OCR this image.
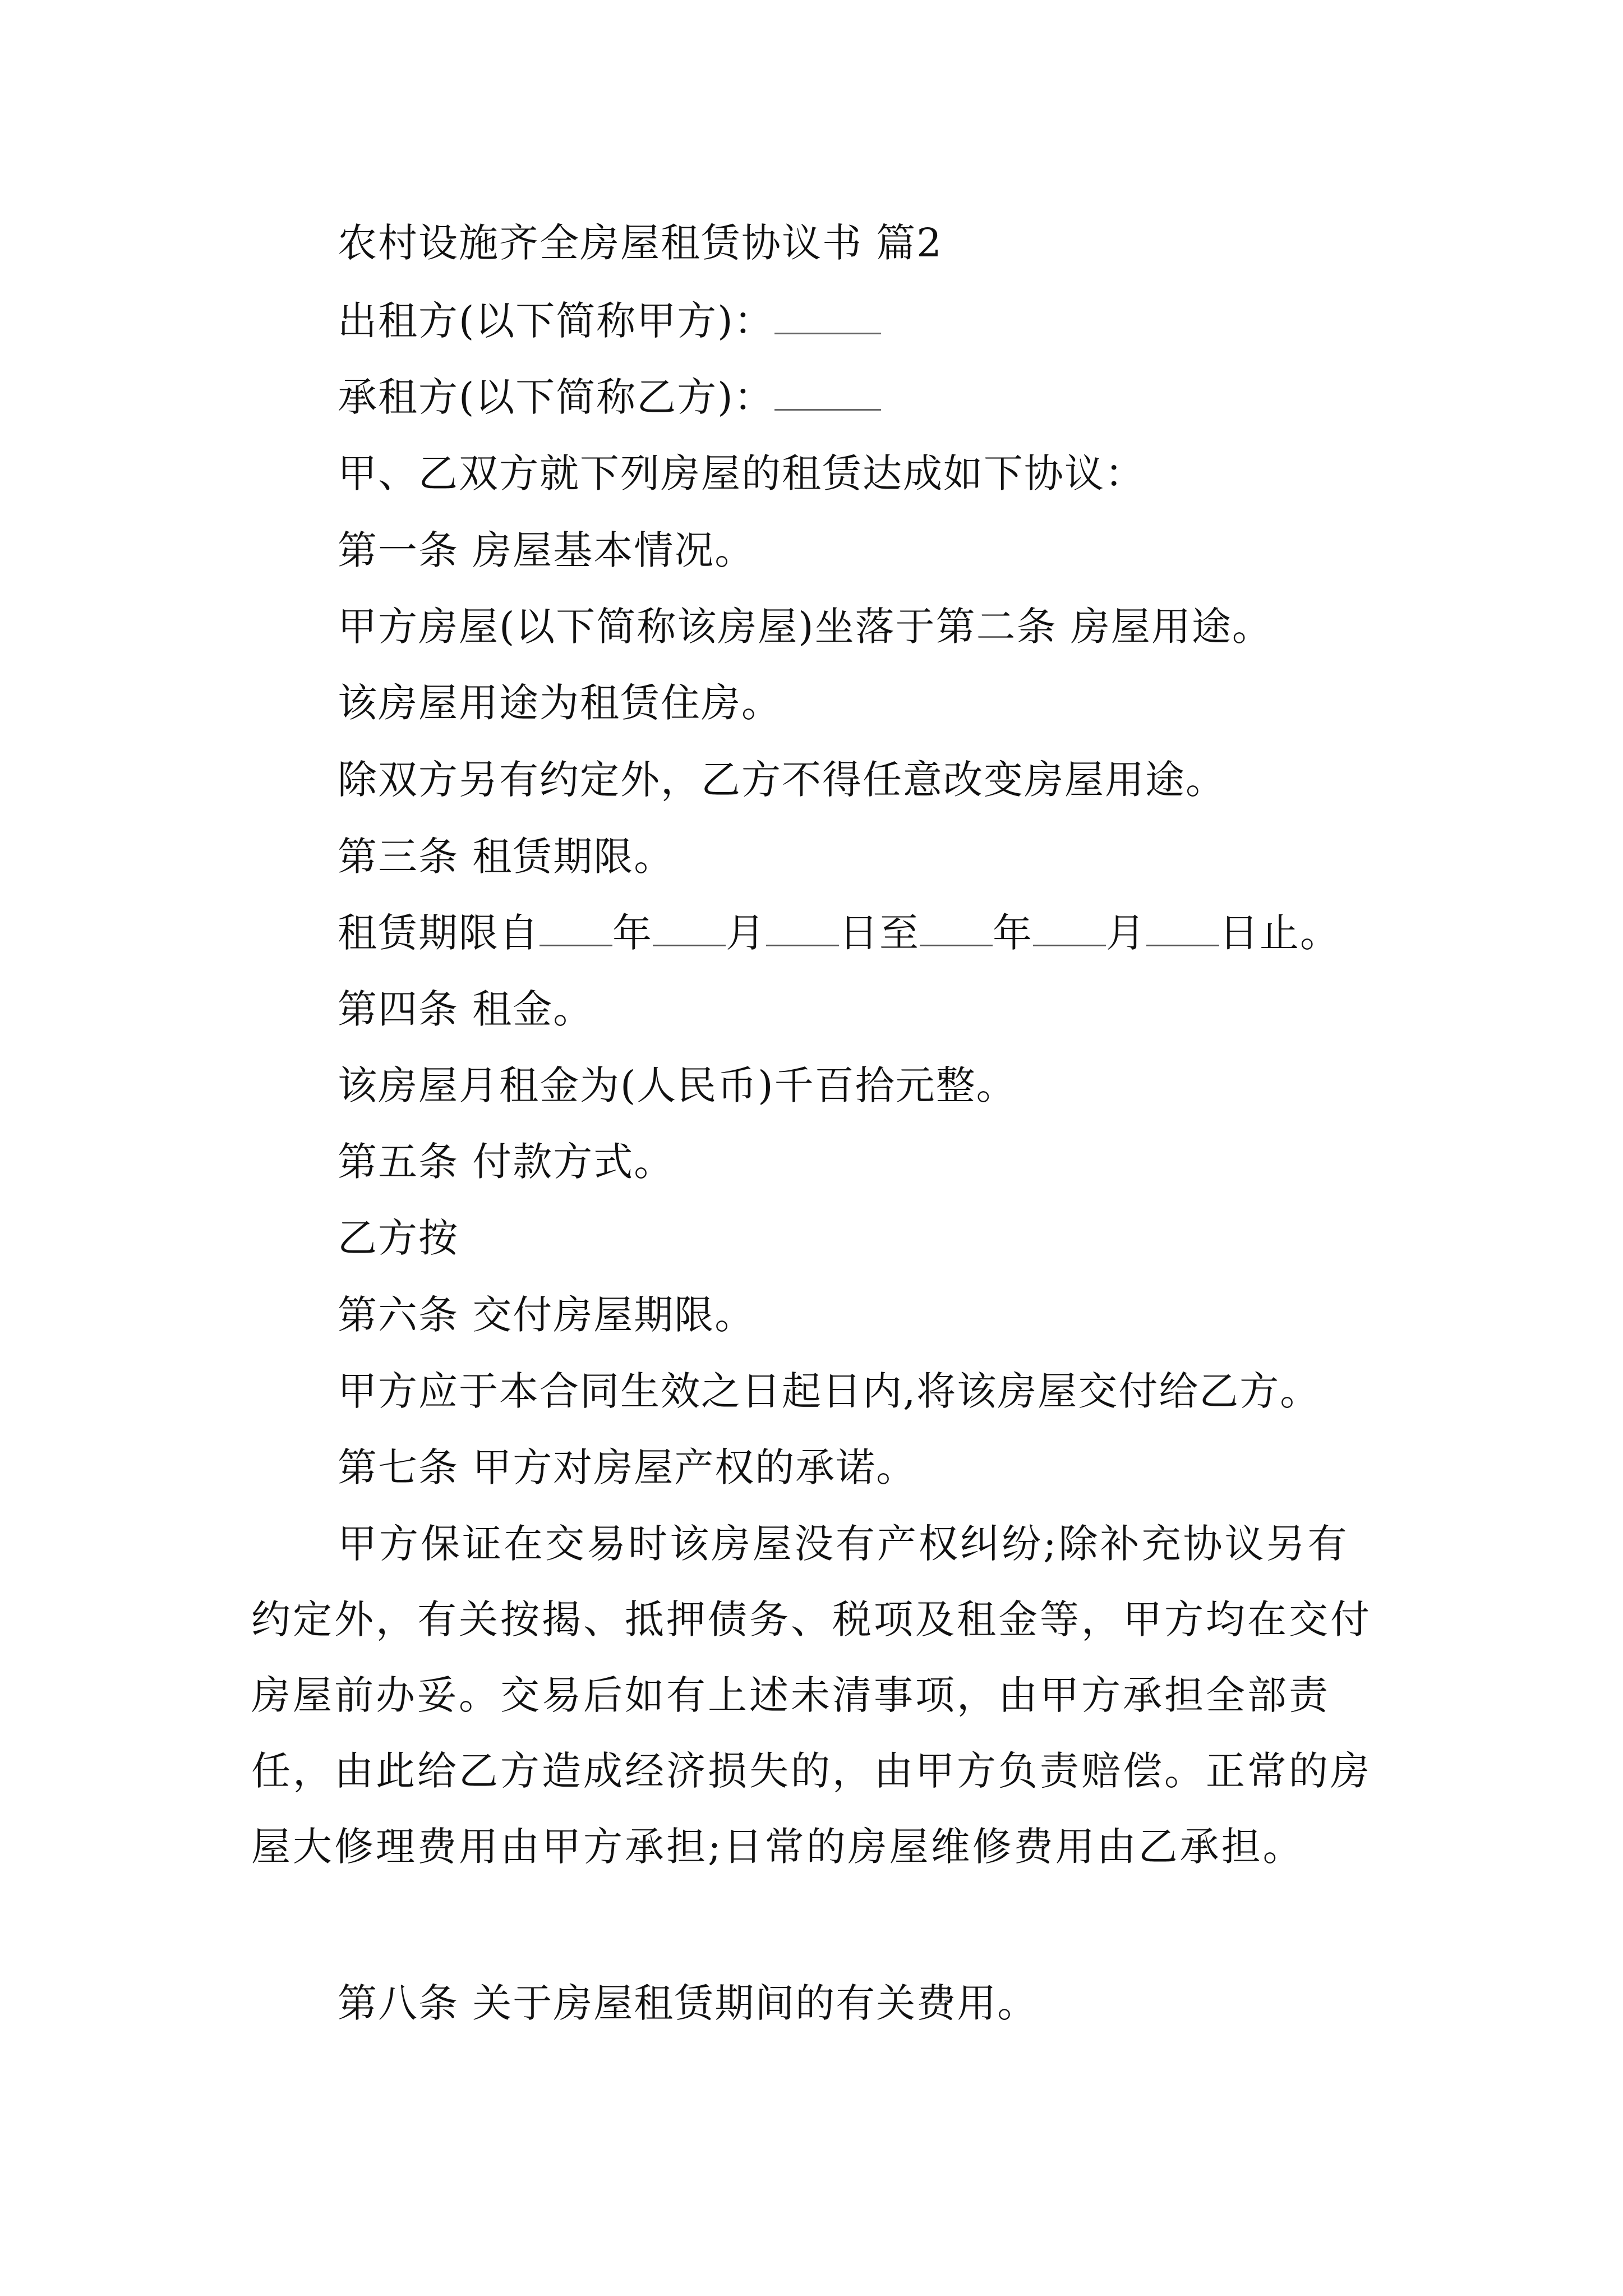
农村设施齐全房屋租赁协议书 篇2
出租方(以下简称甲方)：
承租方(以下简称乙方)：
甲、乙双方就下列房屋的租赁达成如下协议：
第一条 房屋基本情况。
甲方房屋(以下简称该房屋)坐落于第二条 房屋用途。
该房屋用途为租赁住房。
除双方另有约定外，乙方不得任意改变房屋用途。
第三条 租赁期限。
租赁期限自 年 月 日至 年 月 日止。
第四条 租金。
该房屋月租金为(人民币)千百拾元整。
第五条 付款方式。
乙方按
第六条 交付房屋期限。
甲方应于本合同生效之日起日内,将该房屋交付给乙方。
第七条 甲方对房屋产权的承诺。
甲方保证在交易时该房屋没有产权纠纷;除补充协议另有约定外，有关按揭、抵押债务、税项及租金等，甲方均在交付房屋前办妥。交易后如有上述未清事项，由甲方承担全部责任，由此给乙方造成经济损失的，由甲方负责赔偿。正常的房屋大修理费用由甲方承担;日常的房屋维修费用由乙承担。
第八条 关于房屋租赁期间的有关费用。
